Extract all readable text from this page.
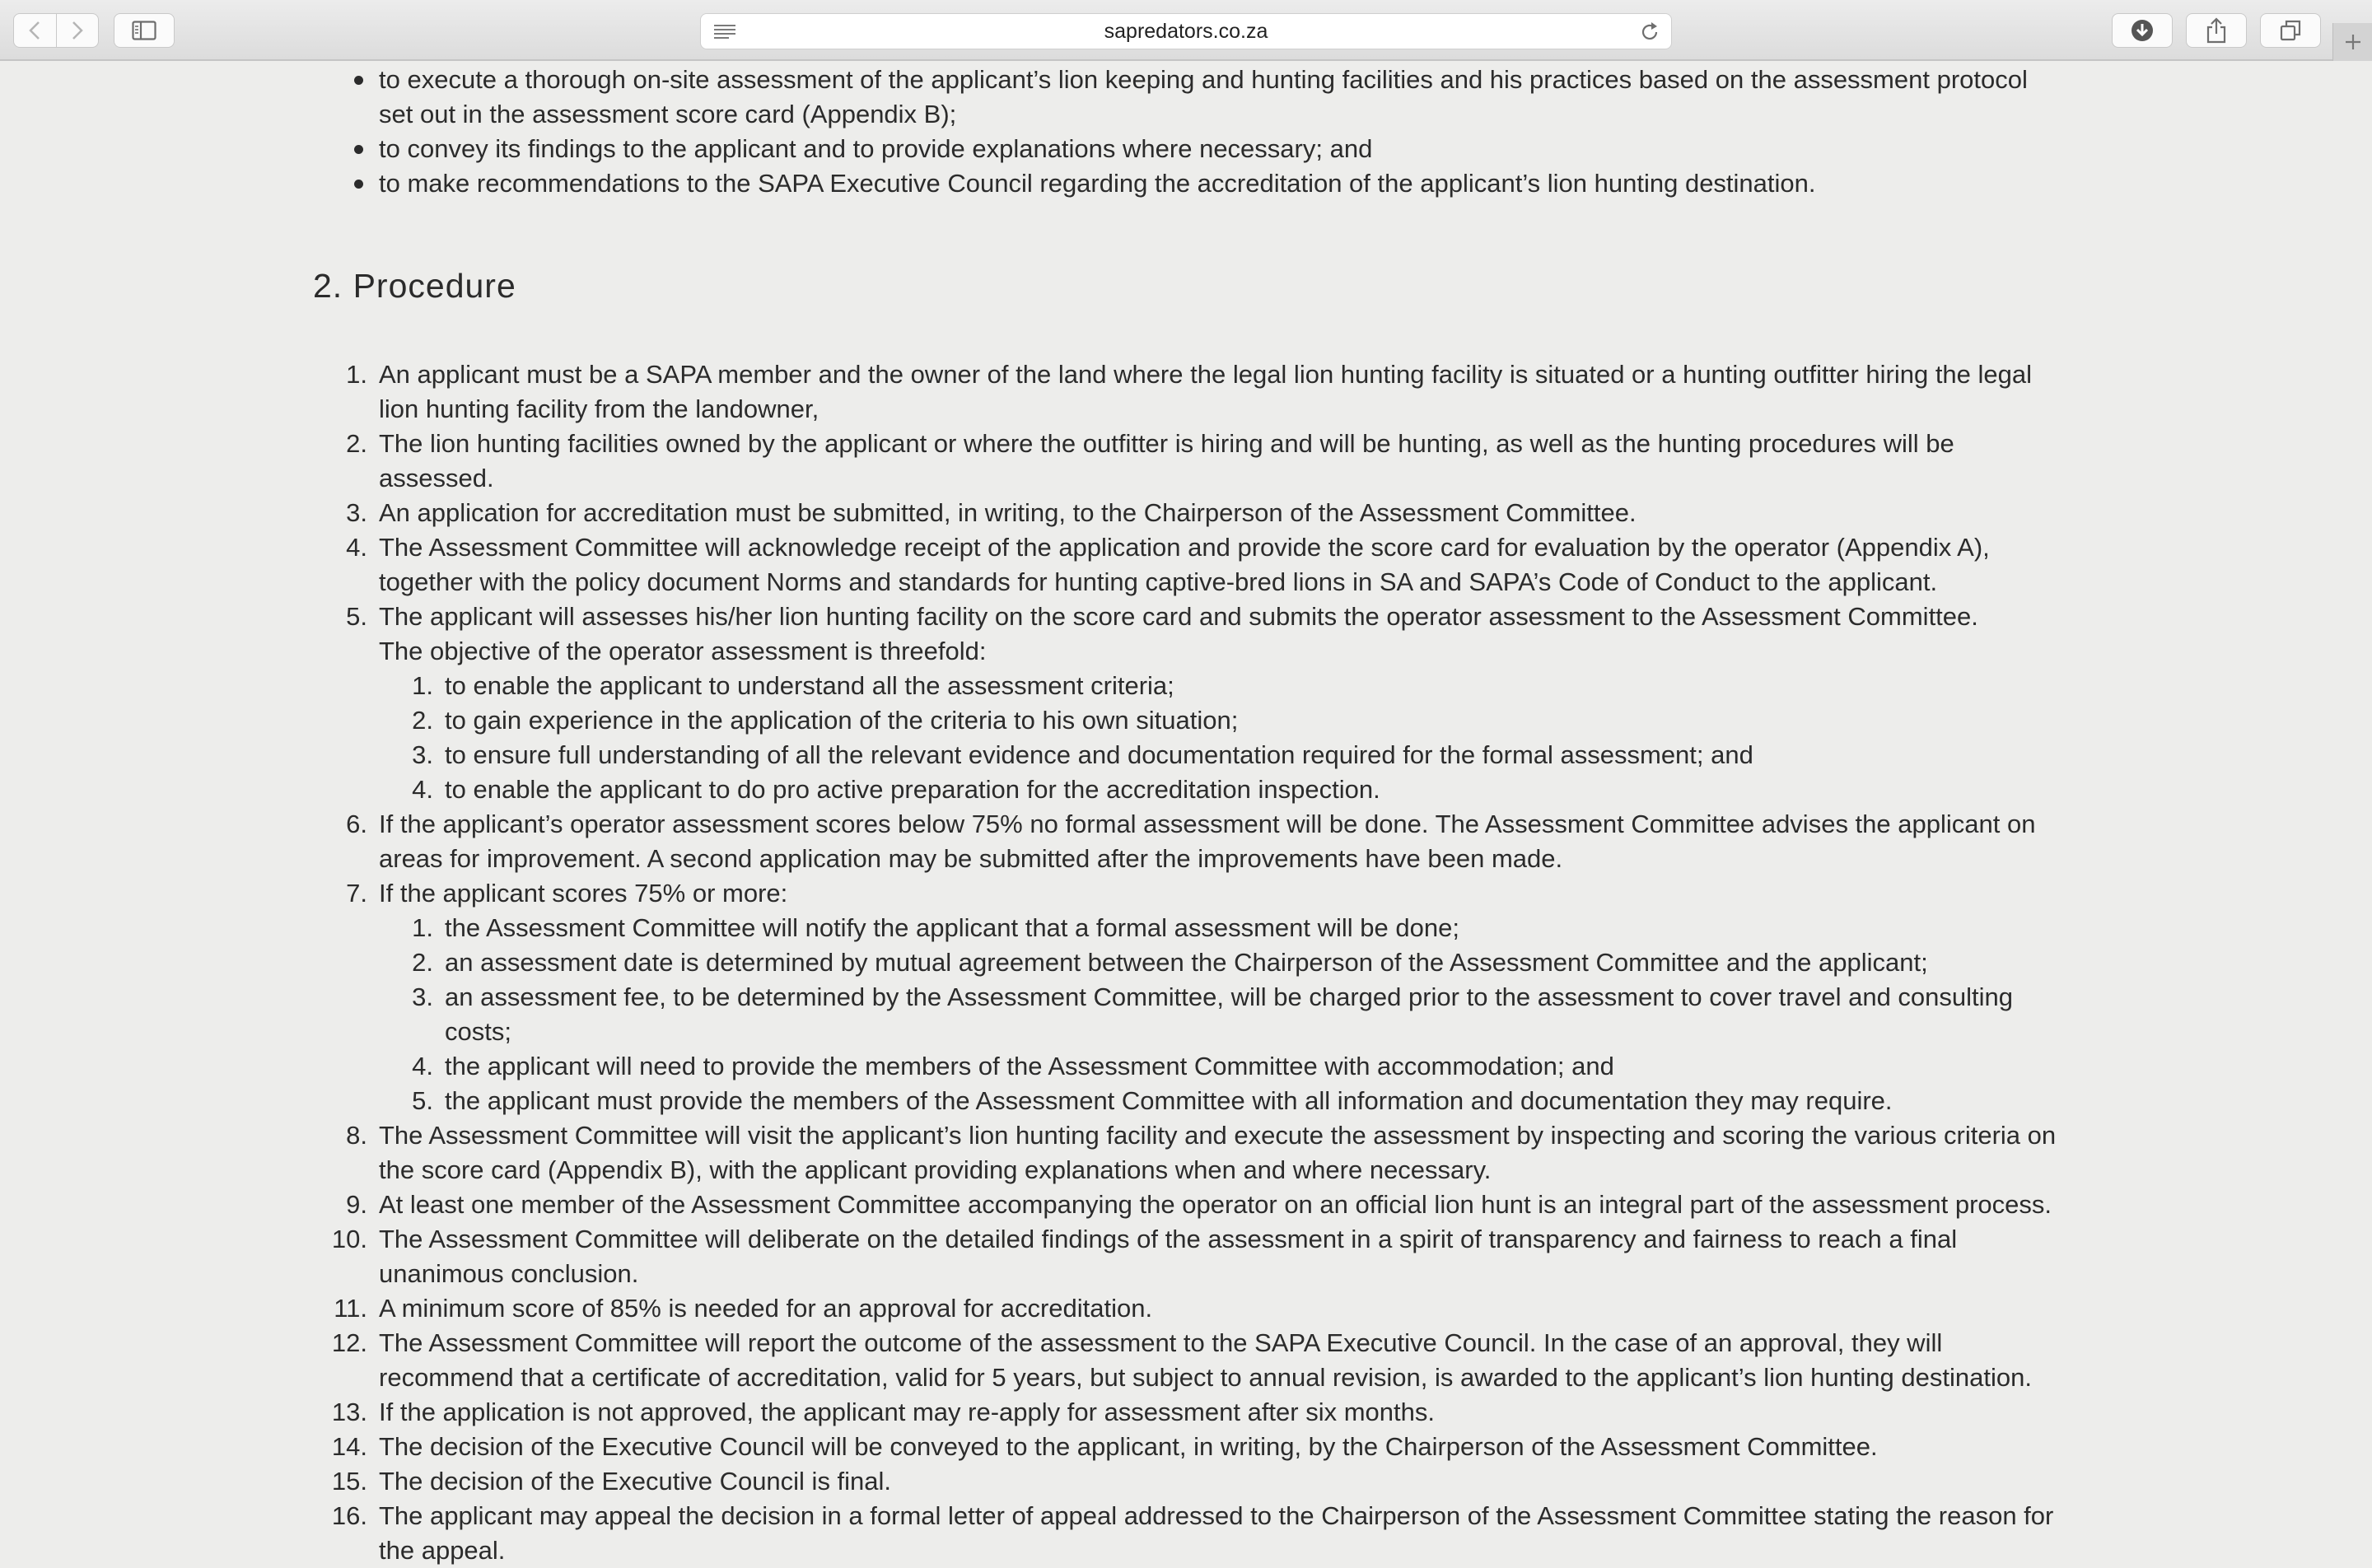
sapredators.co.za
to execute a thorough on-site assessment of the applicant’s lion keeping and hunting facilities and his practices based on the assessment protocol set out in the assessment score card (Appendix B);
to convey its findings to the applicant and to provide explanations where necessary; and
to make recommendations to the SAPA Executive Council regarding the accreditation of the applicant’s lion hunting destination.
2. Procedure
1. An applicant must be a SAPA member and the owner of the land where the legal lion hunting facility is situated or a hunting outfitter hiring the legal lion hunting facility from the landowner,
2. The lion hunting facilities owned by the applicant or where the outfitter is hiring and will be hunting, as well as the hunting procedures will be assessed.
3. An application for accreditation must be submitted, in writing, to the Chairperson of the Assessment Committee.
4. The Assessment Committee will acknowledge receipt of the application and provide the score card for evaluation by the operator (Appendix A), together with the policy document Norms and standards for hunting captive-bred lions in SA and SAPA’s Code of Conduct to the applicant.
5. The applicant will assesses his/her lion hunting facility on the score card and submits the operator assessment to the Assessment Committee.
The objective of the operator assessment is threefold:
1. to enable the applicant to understand all the assessment criteria;
2. to gain experience in the application of the criteria to his own situation;
3. to ensure full understanding of all the relevant evidence and documentation required for the formal assessment; and
4. to enable the applicant to do pro active preparation for the accreditation inspection.
6. If the applicant’s operator assessment scores below 75% no formal assessment will be done. The Assessment Committee advises the applicant on areas for improvement. A second application may be submitted after the improvements have been made.
7. If the applicant scores 75% or more:
1. the Assessment Committee will notify the applicant that a formal assessment will be done;
2. an assessment date is determined by mutual agreement between the Chairperson of the Assessment Committee and the applicant;
3. an assessment fee, to be determined by the Assessment Committee, will be charged prior to the assessment to cover travel and consulting costs;
4. the applicant will need to provide the members of the Assessment Committee with accommodation; and
5. the applicant must provide the members of the Assessment Committee with all information and documentation they may require.
8. The Assessment Committee will visit the applicant’s lion hunting facility and execute the assessment by inspecting and scoring the various criteria on the score card (Appendix B), with the applicant providing explanations when and where necessary.
9. At least one member of the Assessment Committee accompanying the operator on an official lion hunt is an integral part of the assessment process.
10. The Assessment Committee will deliberate on the detailed findings of the assessment in a spirit of transparency and fairness to reach a final unanimous conclusion.
11. A minimum score of 85% is needed for an approval for accreditation.
12. The Assessment Committee will report the outcome of the assessment to the SAPA Executive Council. In the case of an approval, they will recommend that a certificate of accreditation, valid for 5 years, but subject to annual revision, is awarded to the applicant’s lion hunting destination.
13. If the application is not approved, the applicant may re-apply for assessment after six months.
14. The decision of the Executive Council will be conveyed to the applicant, in writing, by the Chairperson of the Assessment Committee.
15. The decision of the Executive Council is final.
16. The applicant may appeal the decision in a formal letter of appeal addressed to the Chairperson of the Assessment Committee stating the reason for the appeal.
